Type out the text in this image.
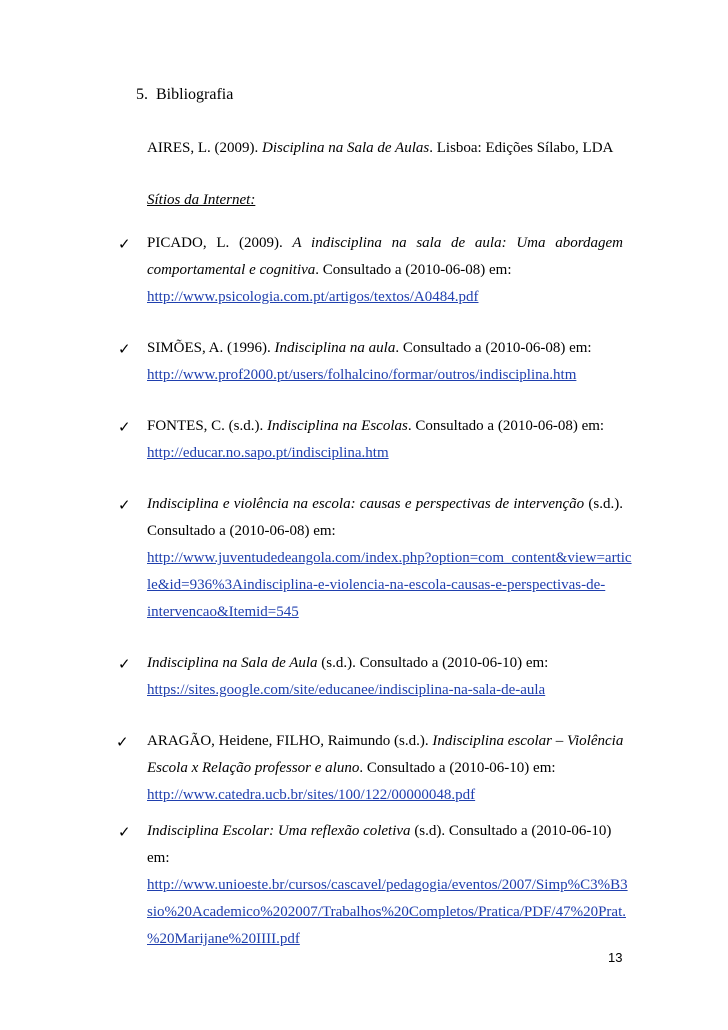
5. Bibliografia
AIRES, L. (2009). Disciplina na Sala de Aulas. Lisboa: Edições Sílabo, LDA
Sítios da Internet:
✓ PICADO, L. (2009). A indisciplina na sala de aula: Uma abordagem
comportamental e cognitiva. Consultado a (2010-06-08) em:
http://www.psicologia.com.pt/artigos/textos/A0484.pdf
✓ SIMÕES, A. (1996). Indisciplina na aula. Consultado a (2010-06-08) em:
http://www.prof2000.pt/users/folhalcino/formar/outros/indisciplina.htm
✓ FONTES, C. (s.d.). Indisciplina na Escolas. Consultado a (2010-06-08) em:
http://educar.no.sapo.pt/indisciplina.htm
✓ Indisciplina e violência na escola: causas e perspectivas de intervenção (s.d.).
Consultado a (2010-06-08) em:
http://www.juventudedeangola.com/index.php?option=com_content&view=artic
le&id=936%3Aindisciplina-e-violencia-na-escola-causas-e-perspectivas-de-
intervencao&Itemid=545
✓ Indisciplina na Sala de Aula (s.d.). Consultado a (2010-06-10) em:
https://sites.google.com/site/educanee/indisciplina-na-sala-de-aula
✓ ARAGÃO, Heidene, FILHO, Raimundo (s.d.). Indisciplina escolar – Violência
Escola x Relação professor e aluno. Consultado a (2010-06-10) em:
http://www.catedra.ucb.br/sites/100/122/00000048.pdf
✓ Indisciplina Escolar: Uma reflexão coletiva (s.d). Consultado a (2010-06-10)
em:
http://www.unioeste.br/cursos/cascavel/pedagogia/eventos/2007/Simp%C3%B3
sio%20Academico%202007/Trabalhos%20Completos/Pratica/PDF/47%20Prat.
%20Marijane%20IIII.pdf
13
